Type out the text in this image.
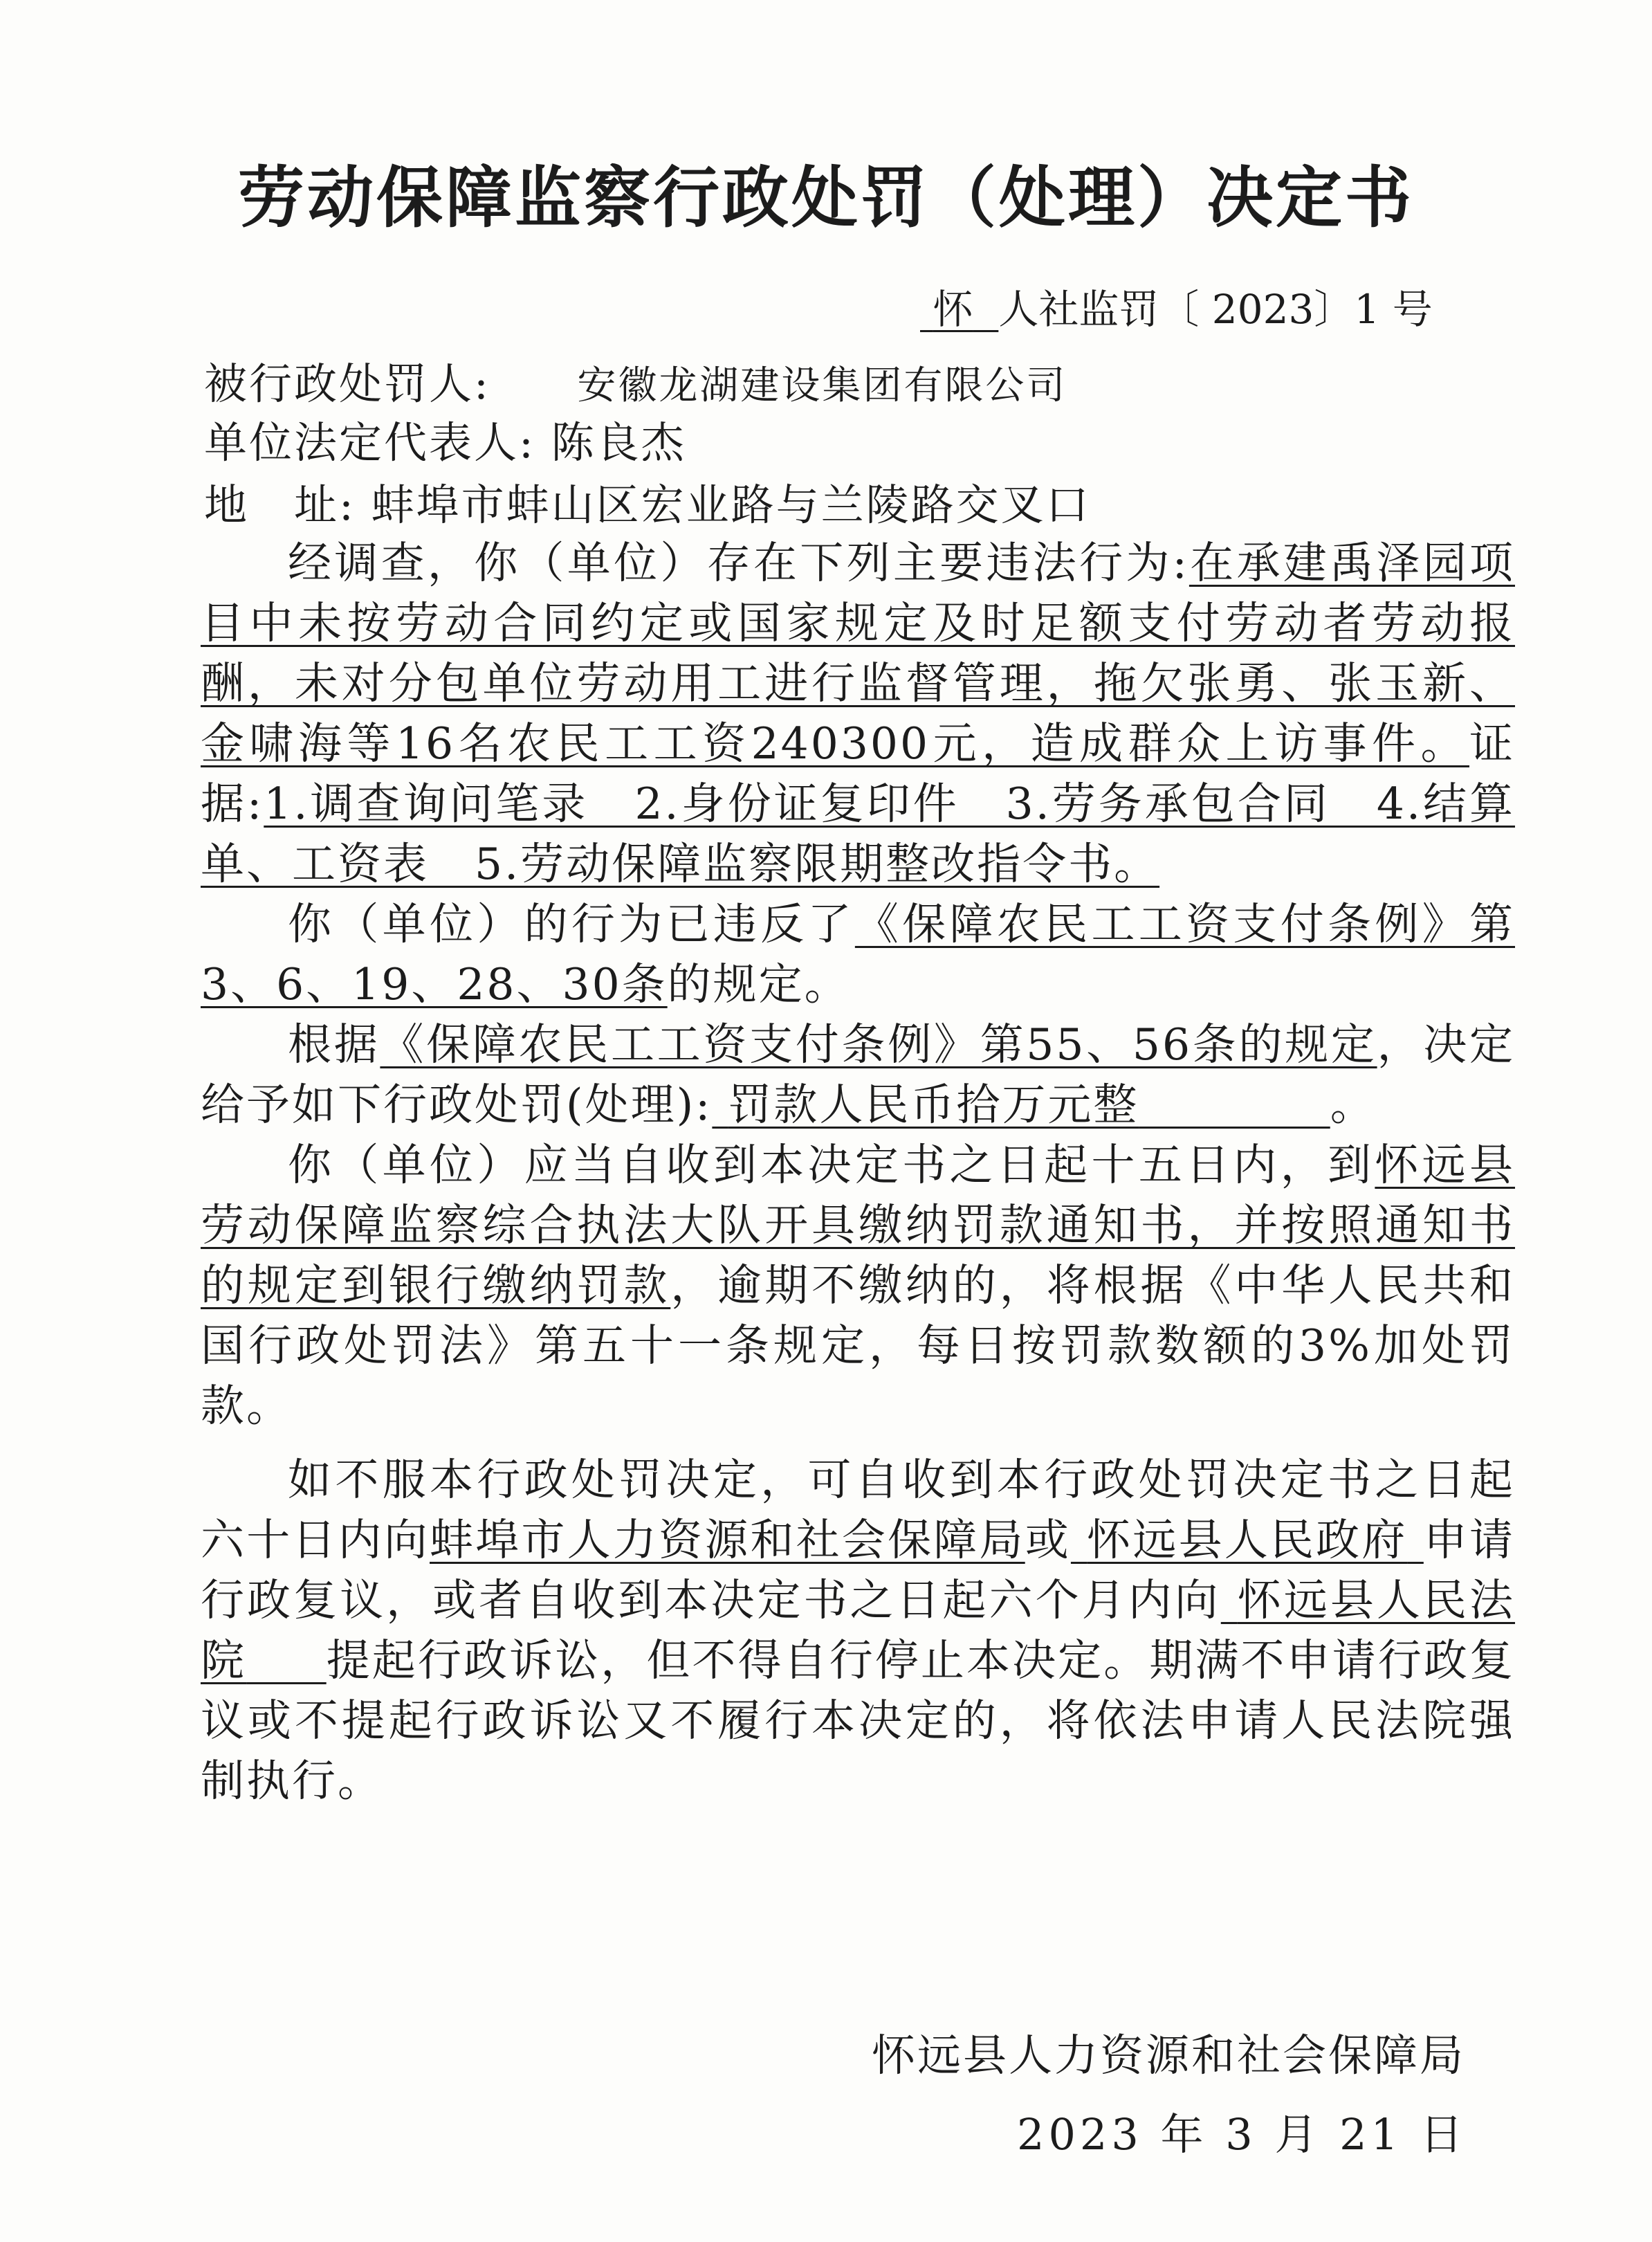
劳动保障监察行政处罚（处理）决定书
怀 人社监罚〔 2023〕1 号
被行政处罚人: 安徽龙湖建设集团有限公司
单位法定代表人: 陈良杰
地　址: 蚌埠市蚌山区宏业路与兰陵路交叉口

经调查，你（单位）存在下列主要违法行为:在承建禹泽园项目中未按劳动合同约定或国家规定及时足额支付劳动者劳动报酬，未对分包单位劳动用工进行监督管理，拖欠张勇、张玉新、金啸海等16名农民工工资240300元，造成群众上访事件。证据:1.调查询问笔录　2.身份证复印件　3.劳务承包合同　4.结算单、工资表　5.劳动保障监察限期整改指令书。

你（单位）的行为已违反了《保障农民工工资支付条例》第3、6、19、28、30条的规定。

根据《保障农民工工资支付条例》第55、56条的规定，决定给予如下行政处罚(处理): 罚款人民币拾万元整	。

你（单位）应当自收到本决定书之日起十五日内，到怀远县劳动保障监察综合执法大队开具缴纳罚款通知书，并按照通知书的规定到银行缴纳罚款，逾期不缴纳的，将根据《中华人民共和国行政处罚法》第五十一条规定，每日按罚款数额的3%加处罚款。

如不服本行政处罚决定，可自收到本行政处罚决定书之日起六十日内向蚌埠市人力资源和社会保障局或 怀远县人民政府 申请行政复议，或者自收到本决定书之日起六个月内向 怀远县人民法院 提起行政诉讼，但不得自行停止本决定。期满不申请行政复议或不提起行政诉讼又不履行本决定的，将依法申请人民法院强制执行。

怀远县人力资源和社会保障局
2023 年 3 月 21 日
